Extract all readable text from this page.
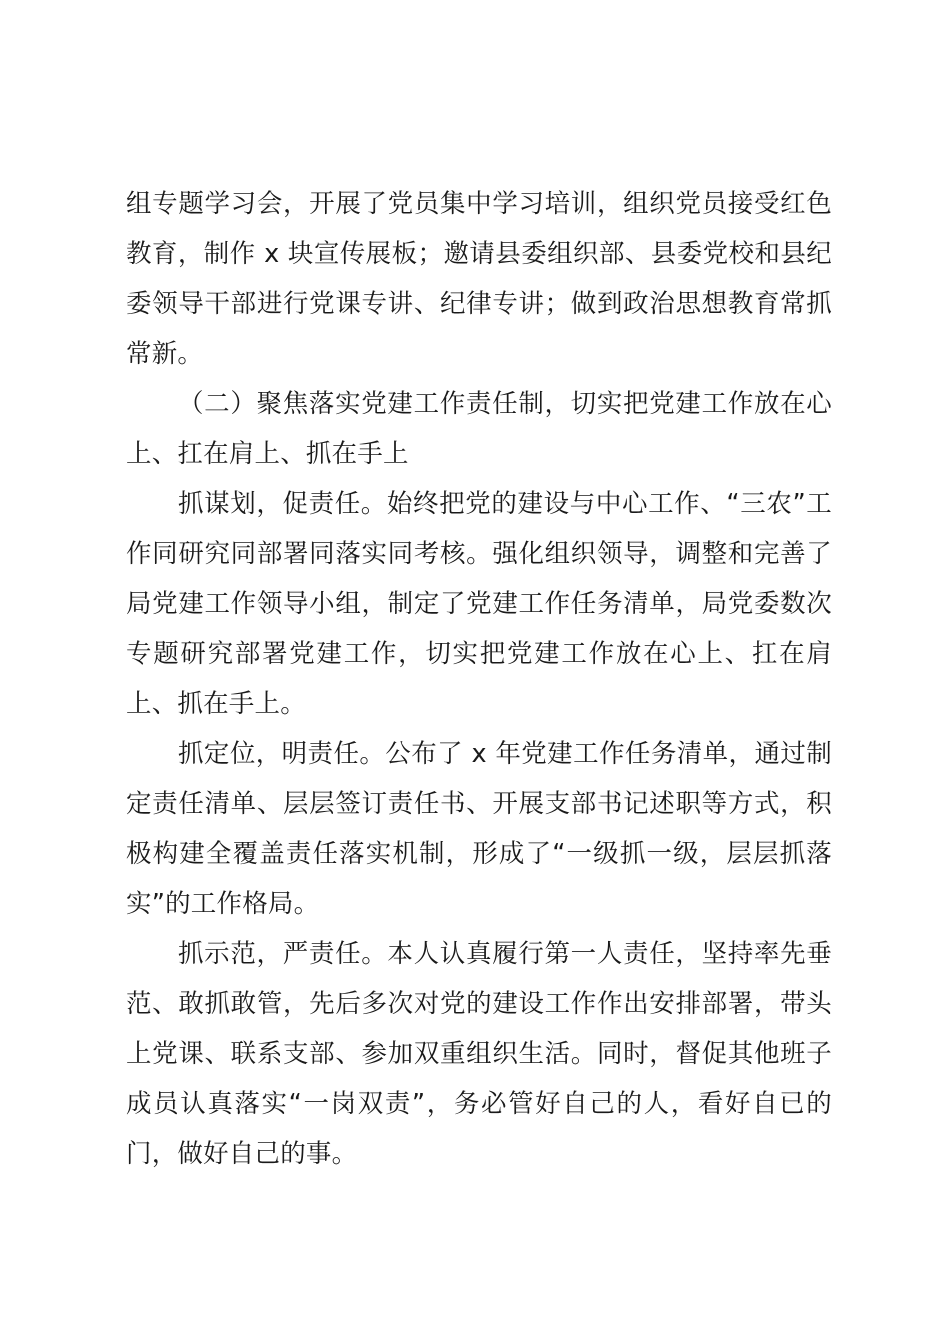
组专题学习会，开展了党员集中学习培训，组织党员接受红色教育，制作 x 块宣传展板；邀请县委组织部、县委党校和县纪委领导干部进行党课专讲、纪律专讲；做到政治思想教育常抓常新。

（二）聚焦落实党建工作责任制，切实把党建工作放在心上、扛在肩上、抓在手上

抓谋划，促责任。始终把党的建设与中心工作、“三农”工作同研究同部署同落实同考核。强化组织领导，调整和完善了局党建工作领导小组，制定了党建工作任务清单，局党委数次专题研究部署党建工作，切实把党建工作放在心上、扛在肩上、抓在手上。

抓定位，明责任。公布了 x 年党建工作任务清单，通过制定责任清单、层层签订责任书、开展支部书记述职等方式，积极构建全覆盖责任落实机制，形成了“一级抓一级，层层抓落实”的工作格局。

抓示范，严责任。本人认真履行第一人责任，坚持率先垂范、敢抓敢管，先后多次对党的建设工作作出安排部署，带头上党课、联系支部、参加双重组织生活。同时，督促其他班子成员认真落实“一岗双责”，务必管好自己的人，看好自已的门，做好自己的事。
